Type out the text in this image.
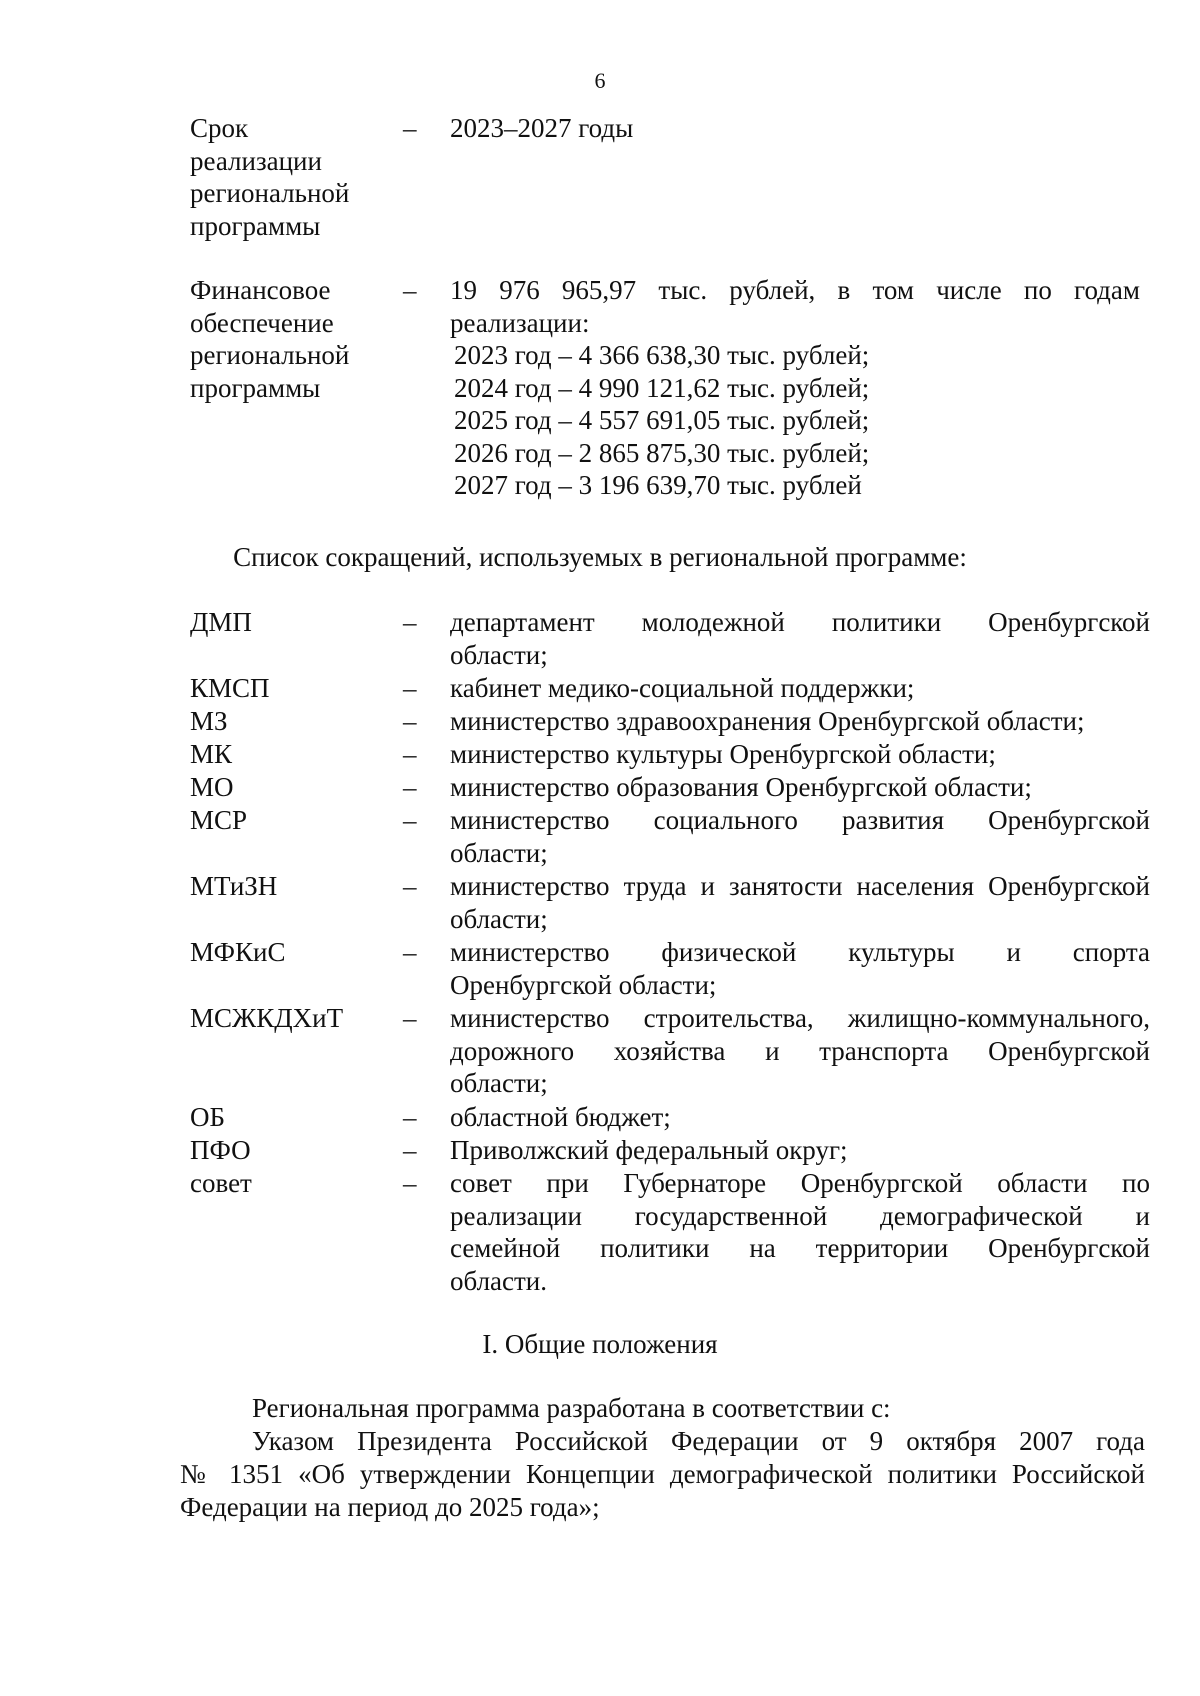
6
Срок
реализации
региональной
программы
– 2023–2027 годы
Финансовое
обеспечение
региональной
программы
– 19 976 965,97 тыс. рублей, в том числе по годам
реализации:
2023 год – 4 366 638,30 тыс. рублей;
2024 год – 4 990 121,62 тыс. рублей;
2025 год – 4 557 691,05 тыс. рублей;
2026 год – 2 865 875,30 тыс. рублей;
2027 год – 3 196 639,70 тыс. рублей
Список сокращений, используемых в региональной программе:
ДМП	– департамент молодежной политики Оренбургской
области;
КМСП	– кабинет медико-социальной поддержки;
МЗ	– министерство здравоохранения Оренбургской области;
МК	– министерство культуры Оренбургской области;
МО	– министерство образования Оренбургской области;
МСР	– министерство социального развития Оренбургской
области;
МТиЗН	– министерство труда и занятости населения Оренбургской
области;
МФКиС	– министерство физической культуры и спорта
Оренбургской области;
МСЖКДХиТ	– министерство строительства, жилищно-коммунального,
дорожного хозяйства и транспорта Оренбургской
области;
ОБ	– областной бюджет;
ПФО	– Приволжский федеральный округ;
совет	– совет при Губернаторе Оренбургской области по
реализации государственной демографической и
семейной политики на территории Оренбургской
области.
I. Общие положения
Региональная программа разработана в соответствии с:
Указом Президента Российской Федерации от 9 октября 2007 года
№ 1351 «Об утверждении Концепции демографической политики Российской
Федерации на период до 2025 года»;
